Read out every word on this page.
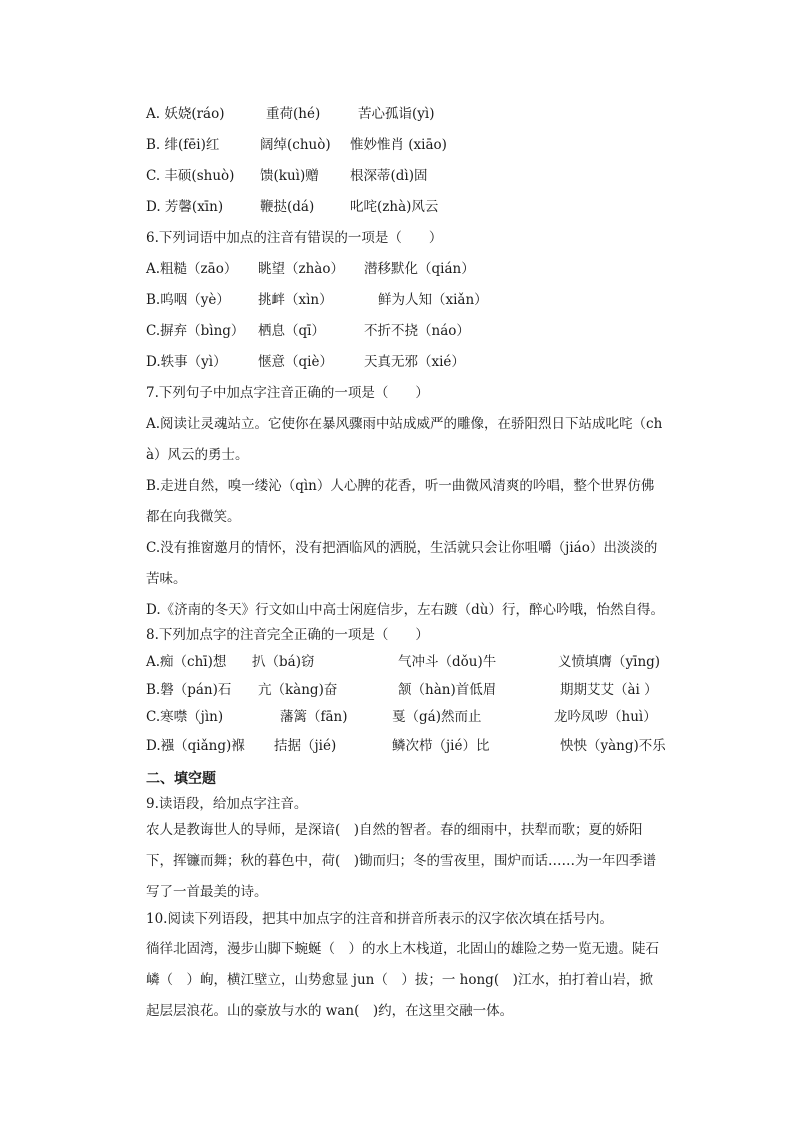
A. 妖娆(ráo)	重荷(hé)	苦心孤诣(yì)
B. 绯(fēi)红	阔绰(chuò) 惟妙惟肖 (xiāo)
C. 丰硕(shuò) 馈(kuì)赠 根深蒂(dì)固
D. 芳馨(xīn)	鞭挞(dá)	叱咤(zhà)风云
6.下列词语中加点的注音有错误的一项是（　　）
A.粗糙（zāo） 眺望（zhào） 潜移默化（qián）
B.呜咽（yè） 挑衅（xìn）	鲜为人知（xiǎn）
C.摒弃（bìng） 栖息（qī）	不折不挠（náo）
D.轶事（yì） 惬意（qiè） 天真无邪（xié）
7.下列句子中加点字注音正确的一项是（　　）
A.阅读让灵魂站立。它使你在暴风骤雨中站成威严的雕像，在骄阳烈日下站成叱咤（ch
à）风云的勇士。
B.走进自然，嗅一缕沁（qìn）人心脾的花香，听一曲微风清爽的吟唱，整个世界仿佛
都在向我微笑。
C.没有推窗邀月的情怀，没有把酒临风的洒脱，生活就只会让你咀嚼（jiáo）出淡淡的
苦味。
D.《济南的冬天》行文如山中高士闲庭信步，左右踱（dù）行，醉心吟哦，怡然自得。
8.下列加点字的注音完全正确的一项是（　　）
A.痴（chī)想 扒（bá)窃	气冲斗（dǒu)牛	义愤填膺（yīng)
B.磐（pán)石 亢（kàng)奋	颔（hàn)首低眉	期期艾艾（ài ）
C.寒噤（jìn)	藩篱（fān)	戛（gá)然而止	龙吟凤哕（huì）
D.襁（qiǎng)褓 拮据（jié)	鳞次栉（jié）比	怏怏（yàng)不乐
二、填空题
9.读语段，给加点字注音。
农人是教诲世人的导师，是深谙(　)自然的智者。春的细雨中，扶犁而歌；夏的娇阳下，挥镰而舞；秋的暮色中，荷(　)锄而归；冬的雪夜里，围炉而话……为一年四季谱写了一首最美的诗。
10.阅读下列语段，把其中加点字的注音和拼音所表示的汉字依次填在括号内。
徜徉北固湾，漫步山脚下蜿蜒（　）的水上木栈道，北固山的雄险之势一览无遗。陡石嶙（　）峋，横江壁立，山势愈显 jun（　）拔；一 hong(　)江水，拍打着山岩，掀起层层浪花。山的豪放与水的 wan(　)约，在这里交融一体。
